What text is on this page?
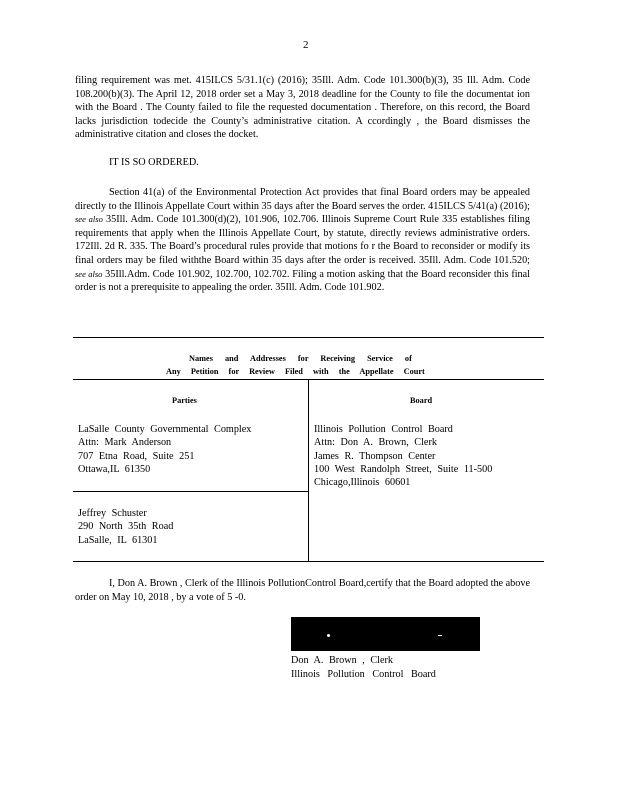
2
filing requirement was met. 415ILCS 5/31.1(c) (2016); 35Ill. Adm. Code 101.300(b)(3), 35 Ill. Adm. Code 108.200(b)(3). The April 12, 2018 order set a May 3, 2018 deadline for the County to file the documentat ion with the Board . The County failed to file the requested documentation . Therefore, on this record, the Board lacks jurisdiction todecide the County’s administrative citation. A ccordingly , the Board dismisses the administrative citation and closes the docket.
IT IS SO ORDERED.
Section 41(a) of the Environmental Protection Act provides that final Board orders may be appealed directly to the Illinois Appellate Court within 35 days after the Board serves the order. 415ILCS 5/41(a) (2016); see also 35Ill. Adm. Code 101.300(d)(2), 101.906, 102.706. Illinois Supreme Court Rule 335 establishes filing requirements that apply when the Illinois Appellate Court, by statute, directly reviews administrative orders. 172Ill. 2d R. 335. The Board’s procedural rules provide that motions fo r the Board to reconsider or modify its final orders may be filed withthe Board within 35 days after the order is received. 35Ill. Adm. Code 101.520; see also 35Ill.Adm. Code 101.902, 102.700, 102.702. Filing a motion asking that the Board reconsider this final order is not a prerequisite to appealing the order. 35Ill. Adm. Code 101.902.
Names and Addresses for Receiving Service of
Any Petition for Review Filed with the Appellate Court
Parties	Board
LaSalle County Governmental Complex
Attn: Mark Anderson
707 Etna Road, Suite 251
Ottawa,IL 61350
Jeffrey Schuster
290 North 35th Road
LaSalle, IL 61301
Illinois Pollution Control Board
Attn: Don A. Brown, Clerk
James R. Thompson Center
100 West Randolph Street, Suite 11-500
Chicago,Illinois 60601
I, Don A. Brown , Clerk of the Illinois PollutionControl Board,certify that the Board adopted the above order on May 10, 2018 , by a vote of 5 -0.
Don A. Brown , Clerk
Illinois Pollution Control Board
